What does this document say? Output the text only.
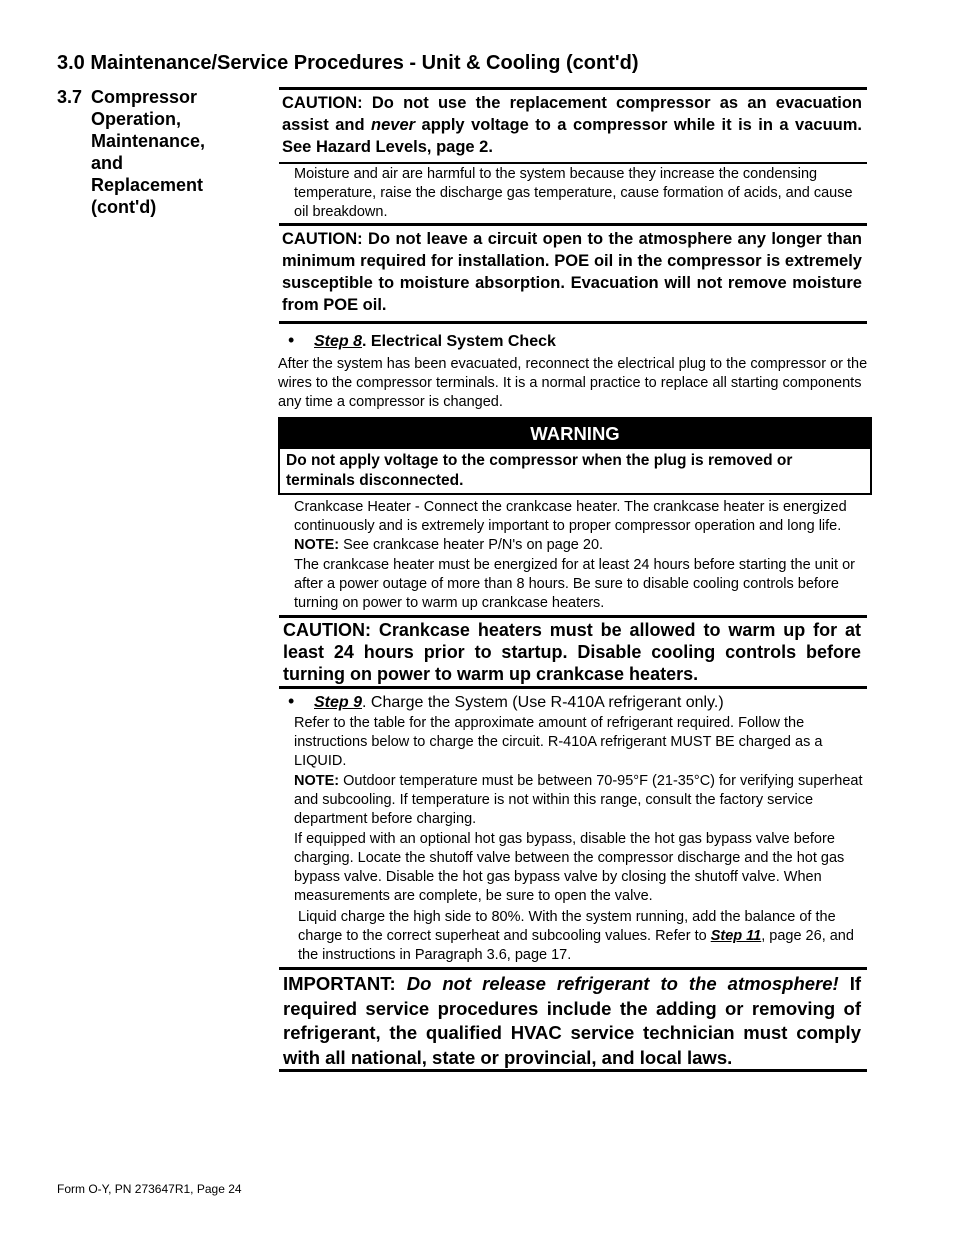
3.0 Maintenance/Service Procedures - Unit & Cooling (cont'd)
3.7 Compressor Operation, Maintenance, and Replacement (cont'd)
CAUTION: Do not use the replacement compressor as an evacuation assist and never apply voltage to a compressor while it is in a vacuum. See Hazard Levels, page 2.
Moisture and air are harmful to the system because they increase the condensing temperature, raise the discharge gas temperature, cause formation of acids, and cause oil breakdown.
CAUTION: Do not leave a circuit open to the atmosphere any longer than minimum required for installation. POE oil in the compressor is extremely susceptible to moisture absorption. Evacuation will not remove moisture from POE oil.
• Step 8. Electrical System Check
After the system has been evacuated, reconnect the electrical plug to the compressor or the wires to the compressor terminals. It is a normal practice to replace all starting components any time a compressor is changed.
WARNING
Do not apply voltage to the compressor when the plug is removed or terminals disconnected.
Crankcase Heater - Connect the crankcase heater. The crankcase heater is energized continuously and is extremely important to proper compressor operation and long life. NOTE: See crankcase heater P/N's on page 20.
The crankcase heater must be energized for at least 24 hours before starting the unit or after a power outage of more than 8 hours. Be sure to disable cooling controls before turning on power to warm up crankcase heaters.
CAUTION: Crankcase heaters must be allowed to warm up for at least 24 hours prior to startup. Disable cooling controls before turning on power to warm up crankcase heaters.
• Step 9. Charge the System (Use R-410A refrigerant only.)
Refer to the table for the approximate amount of refrigerant required. Follow the instructions below to charge the circuit. R-410A refrigerant MUST BE charged as a LIQUID.
NOTE: Outdoor temperature must be between 70-95°F (21-35°C) for verifying superheat and subcooling. If temperature is not within this range, consult the factory service department before charging.
If equipped with an optional hot gas bypass, disable the hot gas bypass valve before charging. Locate the shutoff valve between the compressor discharge and the hot gas bypass valve. Disable the hot gas bypass valve by closing the shutoff valve. When measurements are complete, be sure to open the valve.
Liquid charge the high side to 80%. With the system running, add the balance of the charge to the correct superheat and subcooling values. Refer to Step 11, page 26, and the instructions in Paragraph 3.6, page 17.
IMPORTANT: Do not release refrigerant to the atmosphere! If required service procedures include the adding or removing of refrigerant, the qualified HVAC service technician must comply with all national, state or provincial, and local laws.
Form O-Y, PN 273647R1, Page 24
